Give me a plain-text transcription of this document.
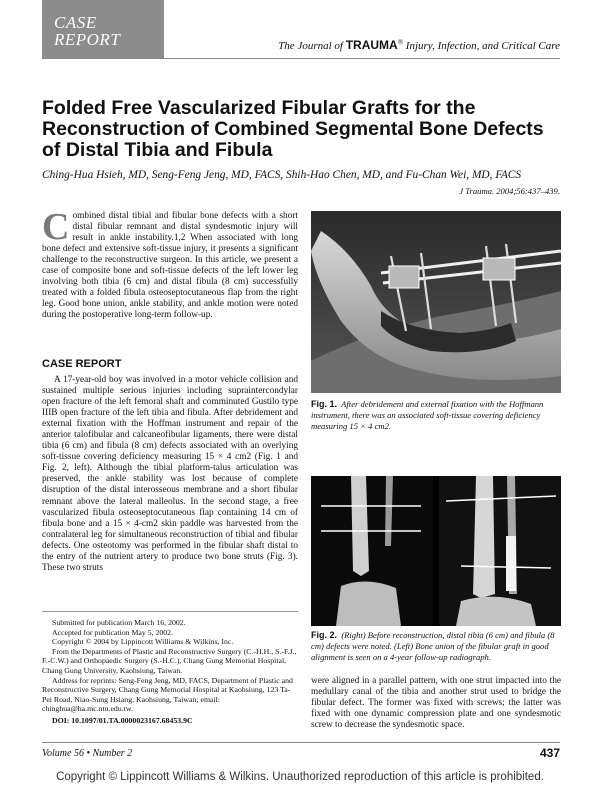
CASE
REPORT	The Journal of TRAUMA® Injury, Infection, and Critical Care
Folded Free Vascularized Fibular Grafts for the Reconstruction of Combined Segmental Bone Defects of Distal Tibia and Fibula
Ching-Hua Hsieh, MD, Seng-Feng Jeng, MD, FACS, Shih-Hao Chen, MD, and Fu-Chan Wei, MD, FACS
J Trauma. 2004;56:437–439.
C ombined distal tibial and fibular bone defects with a short distal fibular remnant and distal syndesmotic injury will result in ankle instability.1,2 When associated with long bone defect and extensive soft-tissue injury, it presents a significant challenge to the reconstructive surgeon. In this article, we present a case of composite bone and soft-tissue defects of the left lower leg involving both tibia (6 cm) and distal fibula (8 cm) successfully treated with a folded fibula osteoseptocutaneous flap from the right leg. Good bone union, ankle stability, and ankle motion were noted during the postoperative long-term follow-up.

CASE REPORT

A 17-year-old boy was involved in a motor vehicle collision and sustained multiple serious injuries including supraintercondylar open fracture of the left femoral shaft and comminuted Gustilo type IIIB open fracture of the left tibia and fibula. After debridement and external fixation with the Hoffman instrument and repair of the anterior talofibular and calcaneofibular ligaments, there were distal tibia (6 cm) and fibula (8 cm) defects associated with an overlying soft-tissue covering deficiency measuring 15 × 4 cm2 (Fig. 1 and Fig. 2, left). Although the tibial platform-talus articulation was preserved, the ankle stability was lost because of complete disruption of the distal interosseous membrane and a short fibular remnant above the lateral malleolus. In the second stage, a free vascularized fibula osteoseptocutaneous flap containing 14 cm of fibula bone and a 15 × 4-cm2 skin paddle was harvested from the contralateral leg for simultaneous reconstruction of tibial and fibular defects. One osteotomy was performed in the fibular shaft distal to the entry of the nutrient artery to produce two bone struts (Fig. 3). These two struts

Submitted for publication March 16, 2002.

Accepted for publication May 5, 2002.

Copyright © 2004 by Lippincott Williams & Wilkins, Inc.

From the Departments of Plastic and Reconstructive Surgery (C.-H.H., S.-F.J., F.-C.W.) and Orthopaedic Surgery (S.-H.C.), Chang Gung Memorial Hospital, Chang Gung University, Kaohsiung, Taiwan.

Address for reprints: Seng-Feng Jeng, MD, FACS, Department of Plastic and Reconstructive Surgery, Chang Gung Memorial Hospital at Kaohsiung, 123 Ta-Pei Road, Niao-Sung Hsiang, Kaohsiung, Taiwan; email: chinghua@ha.mc.ntu.edu.tw.

DOI: 10.1097/01.TA.0000023167.68453.9C

Fig. 1. After debridement and external fixation with the Hoffmann instrument, there was an associated soft-tissue covering deficiency measuring 15 × 4 cm2.
Fig. 2. (Right) Before reconstruction, distal tibia (6 cm) and fibula (8 cm) defects were noted. (Left) Bone union of the fibular graft in good alignment is seen on a 4-year follow-up radiograph.

were aligned in a parallel pattern, with one strut impacted into the medullary canal of the tibia and another strut used to bridge the fibular defect. The former was fixed with screws; the latter was fixed with one dynamic compression plate and one syndesmotic screw to decrease the syndesmotic space.

Volume 56 • Number 2	437
Copyright © Lippincott Williams & Wilkins. Unauthorized reproduction of this article is prohibited.
